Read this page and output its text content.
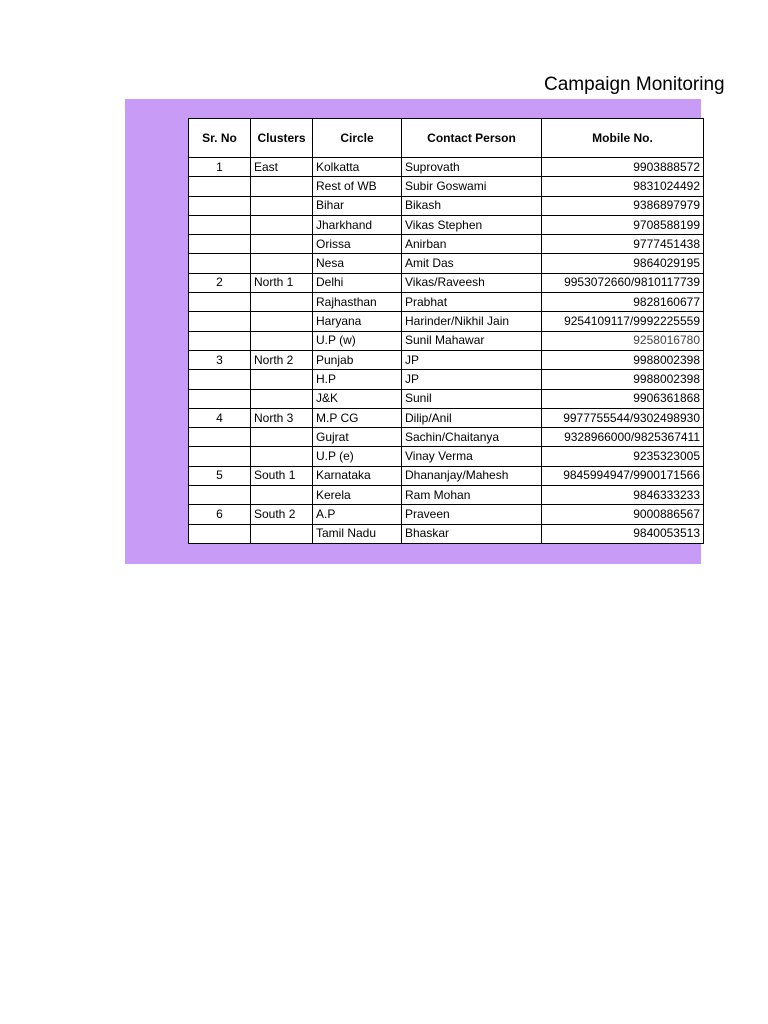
Campaign Monitoring
Sr. No	Clusters	Circle	Contact Person	Mobile No.
1	East	Kolkatta	Suprovath	9903888572
		Rest of WB	Subir Goswami	9831024492
		Bihar	Bikash	9386897979
		Jharkhand	Vikas Stephen	9708588199
		Orissa	Anirban	9777451438
		Nesa	Amit Das	9864029195
2	North 1	Delhi	Vikas/Raveesh	9953072660/9810117739
		Rajhasthan	Prabhat	9828160677
		Haryana	Harinder/Nikhil Jain	9254109117/9992225559
		U.P (w)	Sunil Mahawar	9258016780
3	North 2	Punjab	JP	9988002398
		H.P	JP	9988002398
		J&K	Sunil	9906361868
4	North 3	M.P CG	Dilip/Anil	9977755544/9302498930
		Gujrat	Sachin/Chaitanya	9328966000/9825367411
		U.P (e)	Vinay Verma	9235323005
5	South 1	Karnataka	Dhananjay/Mahesh	9845994947/9900171566
		Kerela	Ram Mohan	9846333233
6	South 2	A.P	Praveen	9000886567
		Tamil Nadu	Bhaskar	9840053513
